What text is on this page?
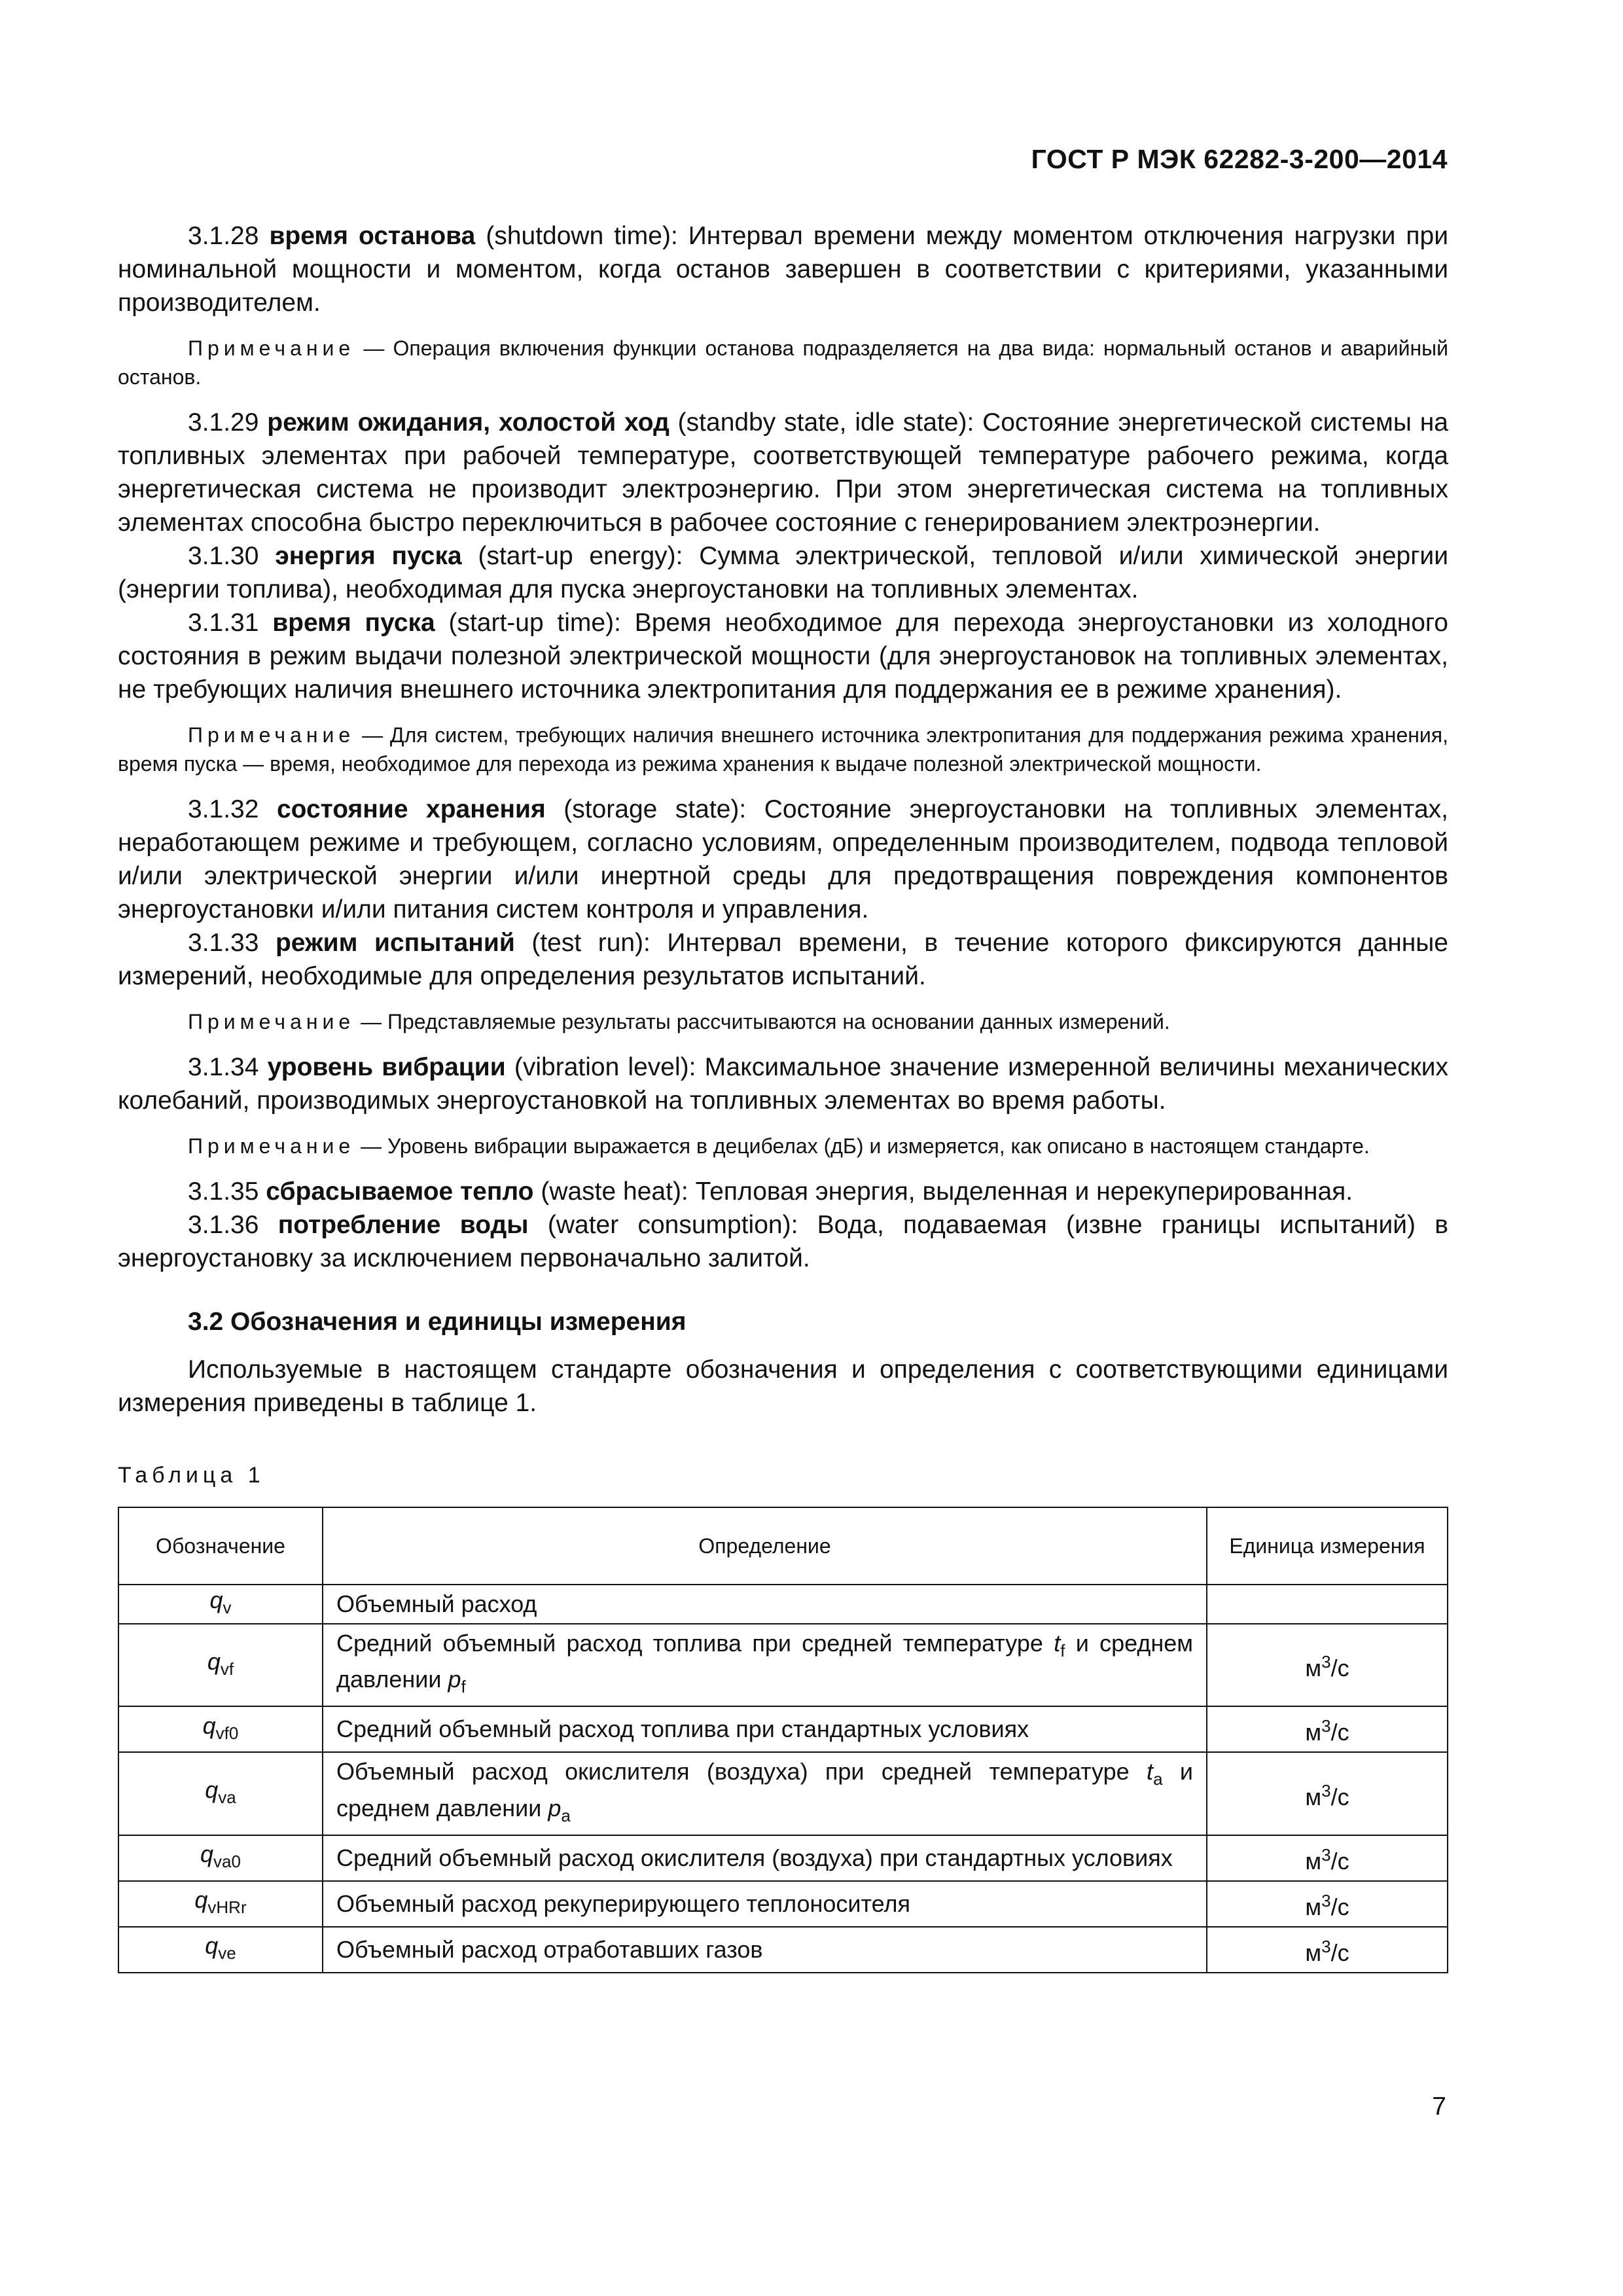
ГОСТ Р МЭК 62282-3-200—2014

3.1.28 время останова (shutdown time): Интервал времени между моментом отключения нагрузки при номинальной мощности и моментом, когда останов завершен в соответствии с критериями, указанными производителем.

Примечание — Операция включения функции останова подразделяется на два вида: нормальный останов и аварийный останов.

3.1.29 режим ожидания, холостой ход (standby state, idle state): Состояние энергетической системы на топливных элементах при рабочей температуре, соответствующей температуре рабочего режима, когда энергетическая система не производит электроэнергию. При этом энергетическая система на топливных элементах способна быстро переключиться в рабочее состояние с генерированием электроэнергии.

3.1.30 энергия пуска (start-up energy): Сумма электрической, тепловой и/или химической энергии (энергии топлива), необходимая для пуска энергоустановки на топливных элементах.

3.1.31 время пуска (start-up time): Время необходимое для перехода энергоустановки из холодного состояния в режим выдачи полезной электрической мощности (для энергоустановок на топливных элементах, не требующих наличия внешнего источника электропитания для поддержания ее в режиме хранения).

Примечание — Для систем, требующих наличия внешнего источника электропитания для поддержания режима хранения, время пуска — время, необходимое для перехода из режима хранения к выдаче полезной электрической мощности.

3.1.32 состояние хранения (storage state): Состояние энергоустановки на топливных элементах, неработающем режиме и требующем, согласно условиям, определенным производителем, подвода тепловой и/или электрической энергии и/или инертной среды для предотвращения повреждения компонентов энергоустановки и/или питания систем контроля и управления.

3.1.33 режим испытаний (test run): Интервал времени, в течение которого фиксируются данные измерений, необходимые для определения результатов испытаний.

Примечание — Представляемые результаты рассчитываются на основании данных измерений.

3.1.34 уровень вибрации (vibration level): Максимальное значение измеренной величины механических колебаний, производимых энергоустановкой на топливных элементах во время работы.

Примечание — Уровень вибрации выражается в децибелах (дБ) и измеряется, как описано в настоящем стандарте.

3.1.35 сбрасываемое тепло (waste heat): Тепловая энергия, выделенная и нерекуперированная.

3.1.36 потребление воды (water consumption): Вода, подаваемая (извне границы испытаний) в энергоустановку за исключением первоначально залитой.

3.2 Обозначения и единицы измерения

Используемые в настоящем стандарте обозначения и определения с соответствующими единицами измерения приведены в таблице 1.

Таблица 1

Обозначение	Определение	Единица измерения
$q_v$	Объемный расход	
$q_{vf}$	Средний объемный расход топлива при средней температуре $t_f$ и среднем давлении $p_f$	$м^3/с$
$q_{vf0}$	Средний объемный расход топлива при стандартных условиях	$м^3/с$
$q_{va}$	Объемный расход окислителя (воздуха) при средней температуре $t_a$ и среднем давлении $p_a$	$м^3/с$
$q_{va0}$	Средний объемный расход окислителя (воздуха) при стандартных условиях	$м^3/с$
$q_{vHRr}$	Объемный расход рекуперирующего теплоносителя	$м^3/с$
$q_{ve}$	Объемный расход отработавших газов	$м^3/с$
7
